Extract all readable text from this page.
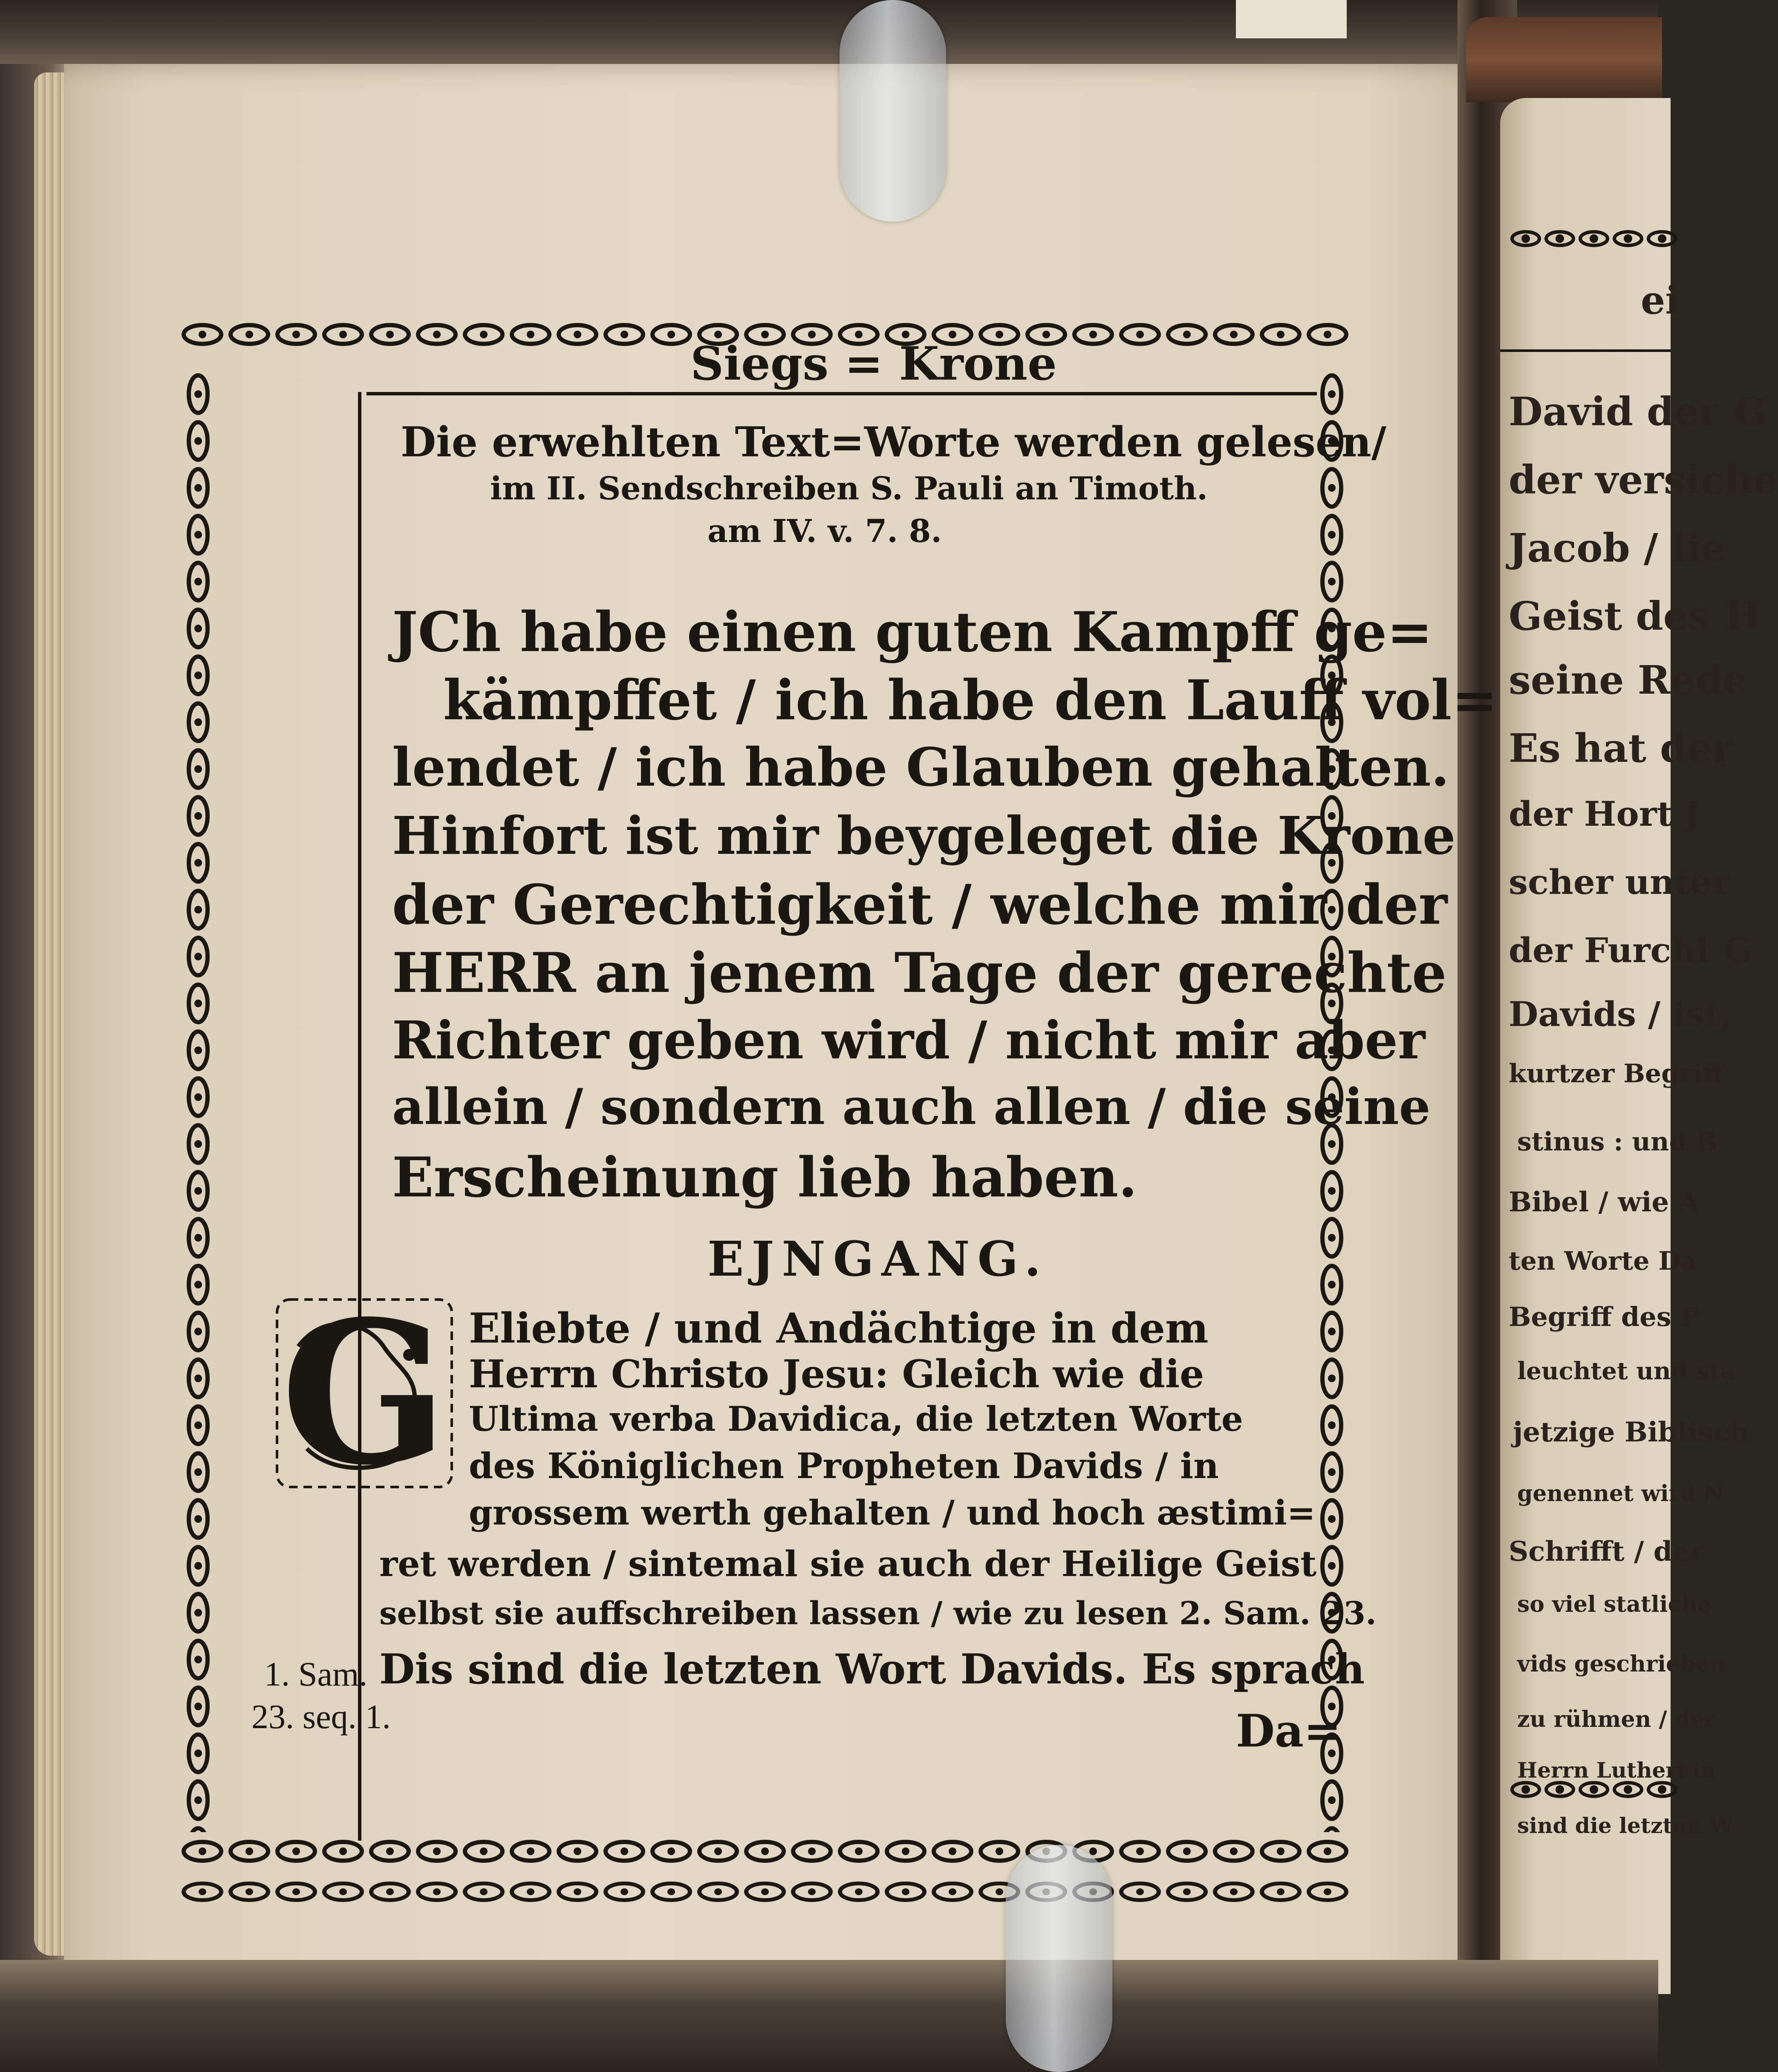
ei
David der G
der versiche
Jacob / lie
Geist des H
seine Rede
Es hat der
der Hort J
scher unter
der Furcht G
Davids / ist,
kurtzer Begriff
stinus : und B
Bibel / wie A
ten Worte Da
Begriff des P
leuchtet und sta
jetzige Biblisch
genennet wird N
Schrifft / der
so viel statliche
vids geschrieben
zu rühmen / der
Herrn Lutheri in
sind die letzten W
Siegs = Krone
Die erwehlten Text=Worte werden gelesen/
im II. Sendschreiben S. Pauli an Timoth.
am IV. v. 7. 8.
JCh habe einen guten Kampff ge=
kämpffet / ich habe den Lauff vol=
lendet / ich habe Glauben gehalten.
Hinfort ist mir beygeleget die Krone
der Gerechtigkeit / welche mir der
HERR an jenem Tage der gerechte
Richter geben wird / nicht mir aber
allein / sondern auch allen / die seine
Erscheinung lieb haben.
EJNGANG.
G Eliebte / und Andächtige in dem
Herrn Christo Jesu: Gleich wie die
Ultima verba Davidica, die letzten Worte
des Königlichen Propheten Davids / in
grossem werth gehalten / und hoch æstimi=
ret werden / sintemal sie auch der Heilige Geist
selbst sie auffschreiben lassen / wie zu lesen 2. Sam. 23.
Dis sind die letzten Wort Davids. Es sprach
Da=
1. Sam.
23. seq. 1.
